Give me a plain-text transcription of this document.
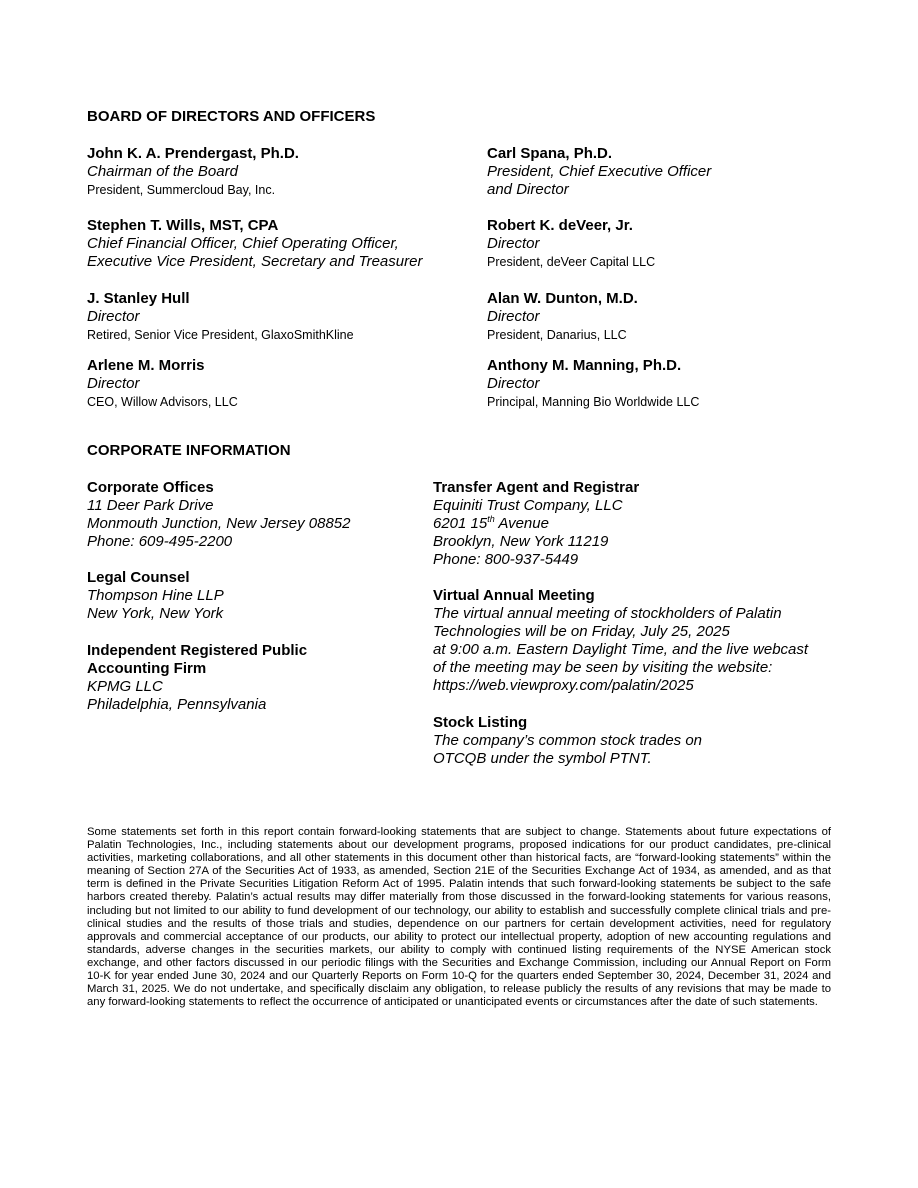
BOARD OF DIRECTORS AND OFFICERS
John K. A. Prendergast, Ph.D.
Chairman of the Board
President, Summercloud Bay, Inc.
Stephen T. Wills, MST, CPA
Chief Financial Officer, Chief Operating Officer,
Executive Vice President, Secretary and Treasurer
J. Stanley Hull
Director
Retired, Senior Vice President, GlaxoSmithKline
Arlene M. Morris
Director
CEO, Willow Advisors, LLC
Carl Spana, Ph.D.
President, Chief Executive Officer
and Director
Robert K. deVeer, Jr.
Director
President, deVeer Capital LLC
Alan W. Dunton, M.D.
Director
President, Danarius, LLC
Anthony M. Manning, Ph.D.
Director
Principal, Manning Bio Worldwide LLC
CORPORATE INFORMATION
Corporate Offices
11 Deer Park Drive
Monmouth Junction, New Jersey 08852
Phone: 609-495-2200
Legal Counsel
Thompson Hine LLP
New York, New York
Independent Registered Public
Accounting Firm
KPMG LLC
Philadelphia, Pennsylvania
Transfer Agent and Registrar
Equiniti Trust Company, LLC
6201 15th Avenue
Brooklyn, New York 11219
Phone: 800-937-5449
Virtual Annual Meeting
The virtual annual meeting of stockholders of Palatin
Technologies will be on Friday, July 25, 2025
at 9:00 a.m. Eastern Daylight Time, and the live webcast
of the meeting may be seen by visiting the website:
https://web.viewproxy.com/palatin/2025
Stock Listing
The company’s common stock trades on
OTCQB under the symbol PTNT.
Some statements set forth in this report contain forward-looking statements that are subject to change. Statements about future expectations of Palatin Technologies, Inc., including statements about our development programs, proposed indications for our product candidates, pre-clinical activities, marketing collaborations, and all other statements in this document other than historical facts, are “forward-looking statements” within the meaning of Section 27A of the Securities Act of 1933, as amended, Section 21E of the Securities Exchange Act of 1934, as amended, and as that term is defined in the Private Securities Litigation Reform Act of 1995. Palatin intends that such forward-looking statements be subject to the safe harbors created thereby. Palatin’s actual results may differ materially from those discussed in the forward-looking statements for various reasons, including but not limited to our ability to fund development of our technology, our ability to establish and successfully complete clinical trials and pre-clinical studies and the results of those trials and studies, dependence on our partners for certain development activities, need for regulatory approvals and commercial acceptance of our products, our ability to protect our intellectual property, adoption of new accounting regulations and standards, adverse changes in the securities markets, our ability to comply with continued listing requirements of the NYSE American stock exchange, and other factors discussed in our periodic filings with the Securities and Exchange Commission, including our Annual Report on Form 10-K for year ended June 30, 2024 and our Quarterly Reports on Form 10-Q for the quarters ended September 30, 2024, December 31, 2024 and March 31, 2025. We do not undertake, and specifically disclaim any obligation, to release publicly the results of any revisions that may be made to any forward-looking statements to reflect the occurrence of anticipated or unanticipated events or circumstances after the date of such statements.
